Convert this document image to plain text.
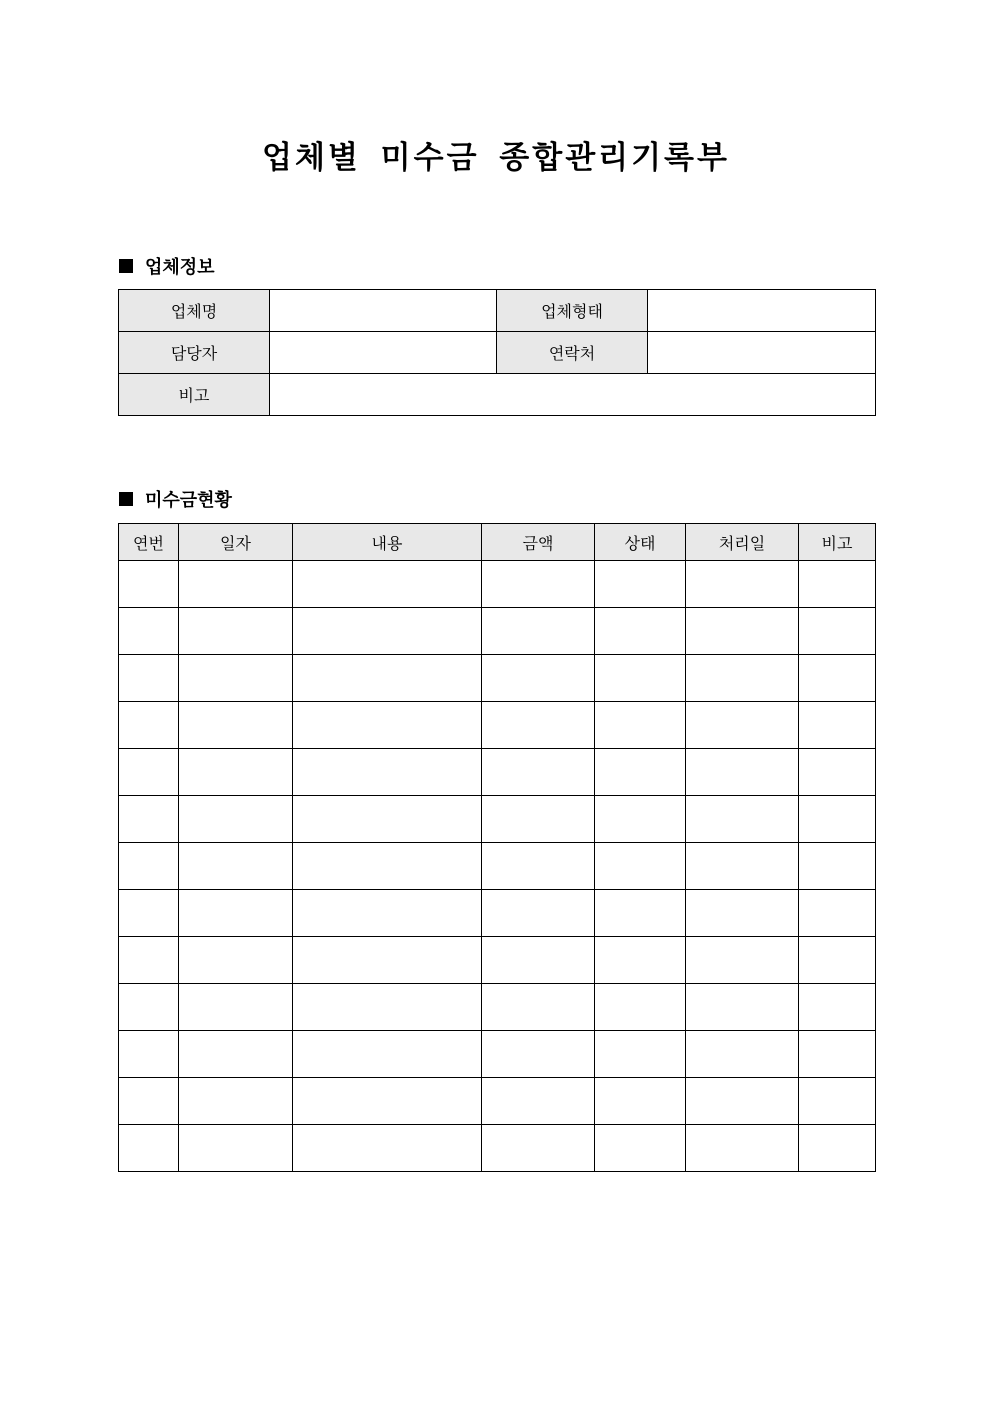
업체별 미수금 종합관리기록부
업체정보
업체명		업체형태	
담당자		연락처	
비고			
미수금현황
연번	일자	내용	금액	상태	처리일	비고
